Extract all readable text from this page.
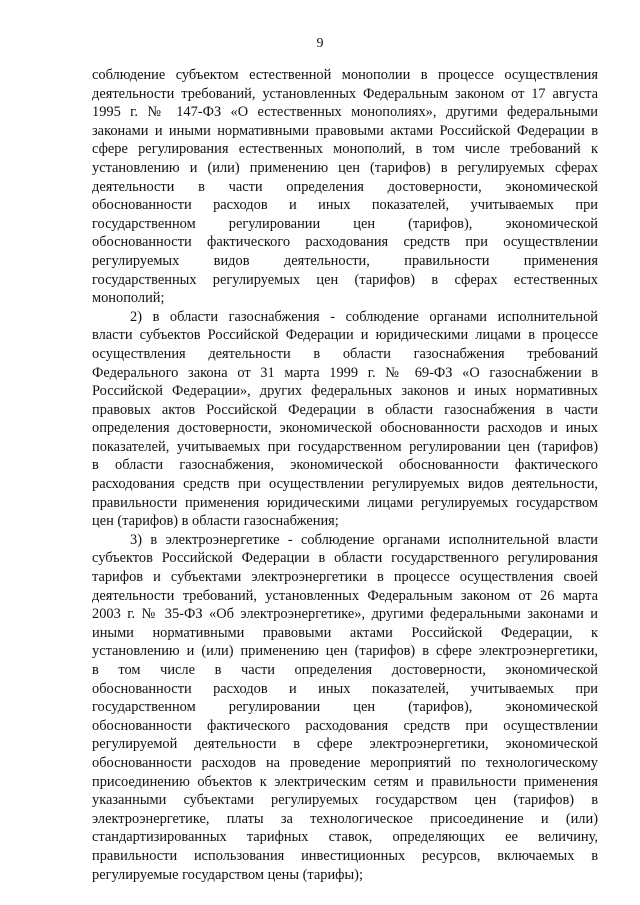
9
соблюдение субъектом естественной монополии в процессе осуществления
деятельности требований, установленных Федеральным законом от 17 августа
1995 г. № 147-ФЗ «О естественных монополиях», другими федеральными
законами и иными нормативными правовыми актами Российской Федерации в
сфере регулирования естественных монополий, в том числе требований к
установлению и (или) применению цен (тарифов) в регулируемых сферах
деятельности в части определения достоверности, экономической
обоснованности расходов и иных показателей, учитываемых при
государственном регулировании цен (тарифов), экономической
обоснованности фактического расходования средств при осуществлении
регулируемых видов деятельности, правильности применения
государственных регулируемых цен (тарифов) в сферах естественных
монополий;
2) в области газоснабжения - соблюдение органами исполнительной
власти субъектов Российской Федерации и юридическими лицами в процессе
осуществления деятельности в области газоснабжения требований
Федерального закона от 31 марта 1999 г. № 69-ФЗ «О газоснабжении в
Российской Федерации», других федеральных законов и иных нормативных
правовых актов Российской Федерации в области газоснабжения в части
определения достоверности, экономической обоснованности расходов и иных
показателей, учитываемых при государственном регулировании цен (тарифов)
в области газоснабжения, экономической обоснованности фактического
расходования средств при осуществлении регулируемых видов деятельности,
правильности применения юридическими лицами регулируемых государством
цен (тарифов) в области газоснабжения;
3) в электроэнергетике - соблюдение органами исполнительной власти
субъектов Российской Федерации в области государственного регулирования
тарифов и субъектами электроэнергетики в процессе осуществления своей
деятельности требований, установленных Федеральным законом от 26 марта
2003 г. № 35-ФЗ «Об электроэнергетике», другими федеральными законами и
иными нормативными правовыми актами Российской Федерации, к
установлению и (или) применению цен (тарифов) в сфере электроэнергетики,
в том числе в части определения достоверности, экономической
обоснованности расходов и иных показателей, учитываемых при
государственном регулировании цен (тарифов), экономической
обоснованности фактического расходования средств при осуществлении
регулируемой деятельности в сфере электроэнергетики, экономической
обоснованности расходов на проведение мероприятий по технологическому
присоединению объектов к электрическим сетям и правильности применения
указанными субъектами регулируемых государством цен (тарифов) в
электроэнергетике, платы за технологическое присоединение и (или)
стандартизированных тарифных ставок, определяющих ее величину,
правильности использования инвестиционных ресурсов, включаемых в
регулируемые государством цены (тарифы);
